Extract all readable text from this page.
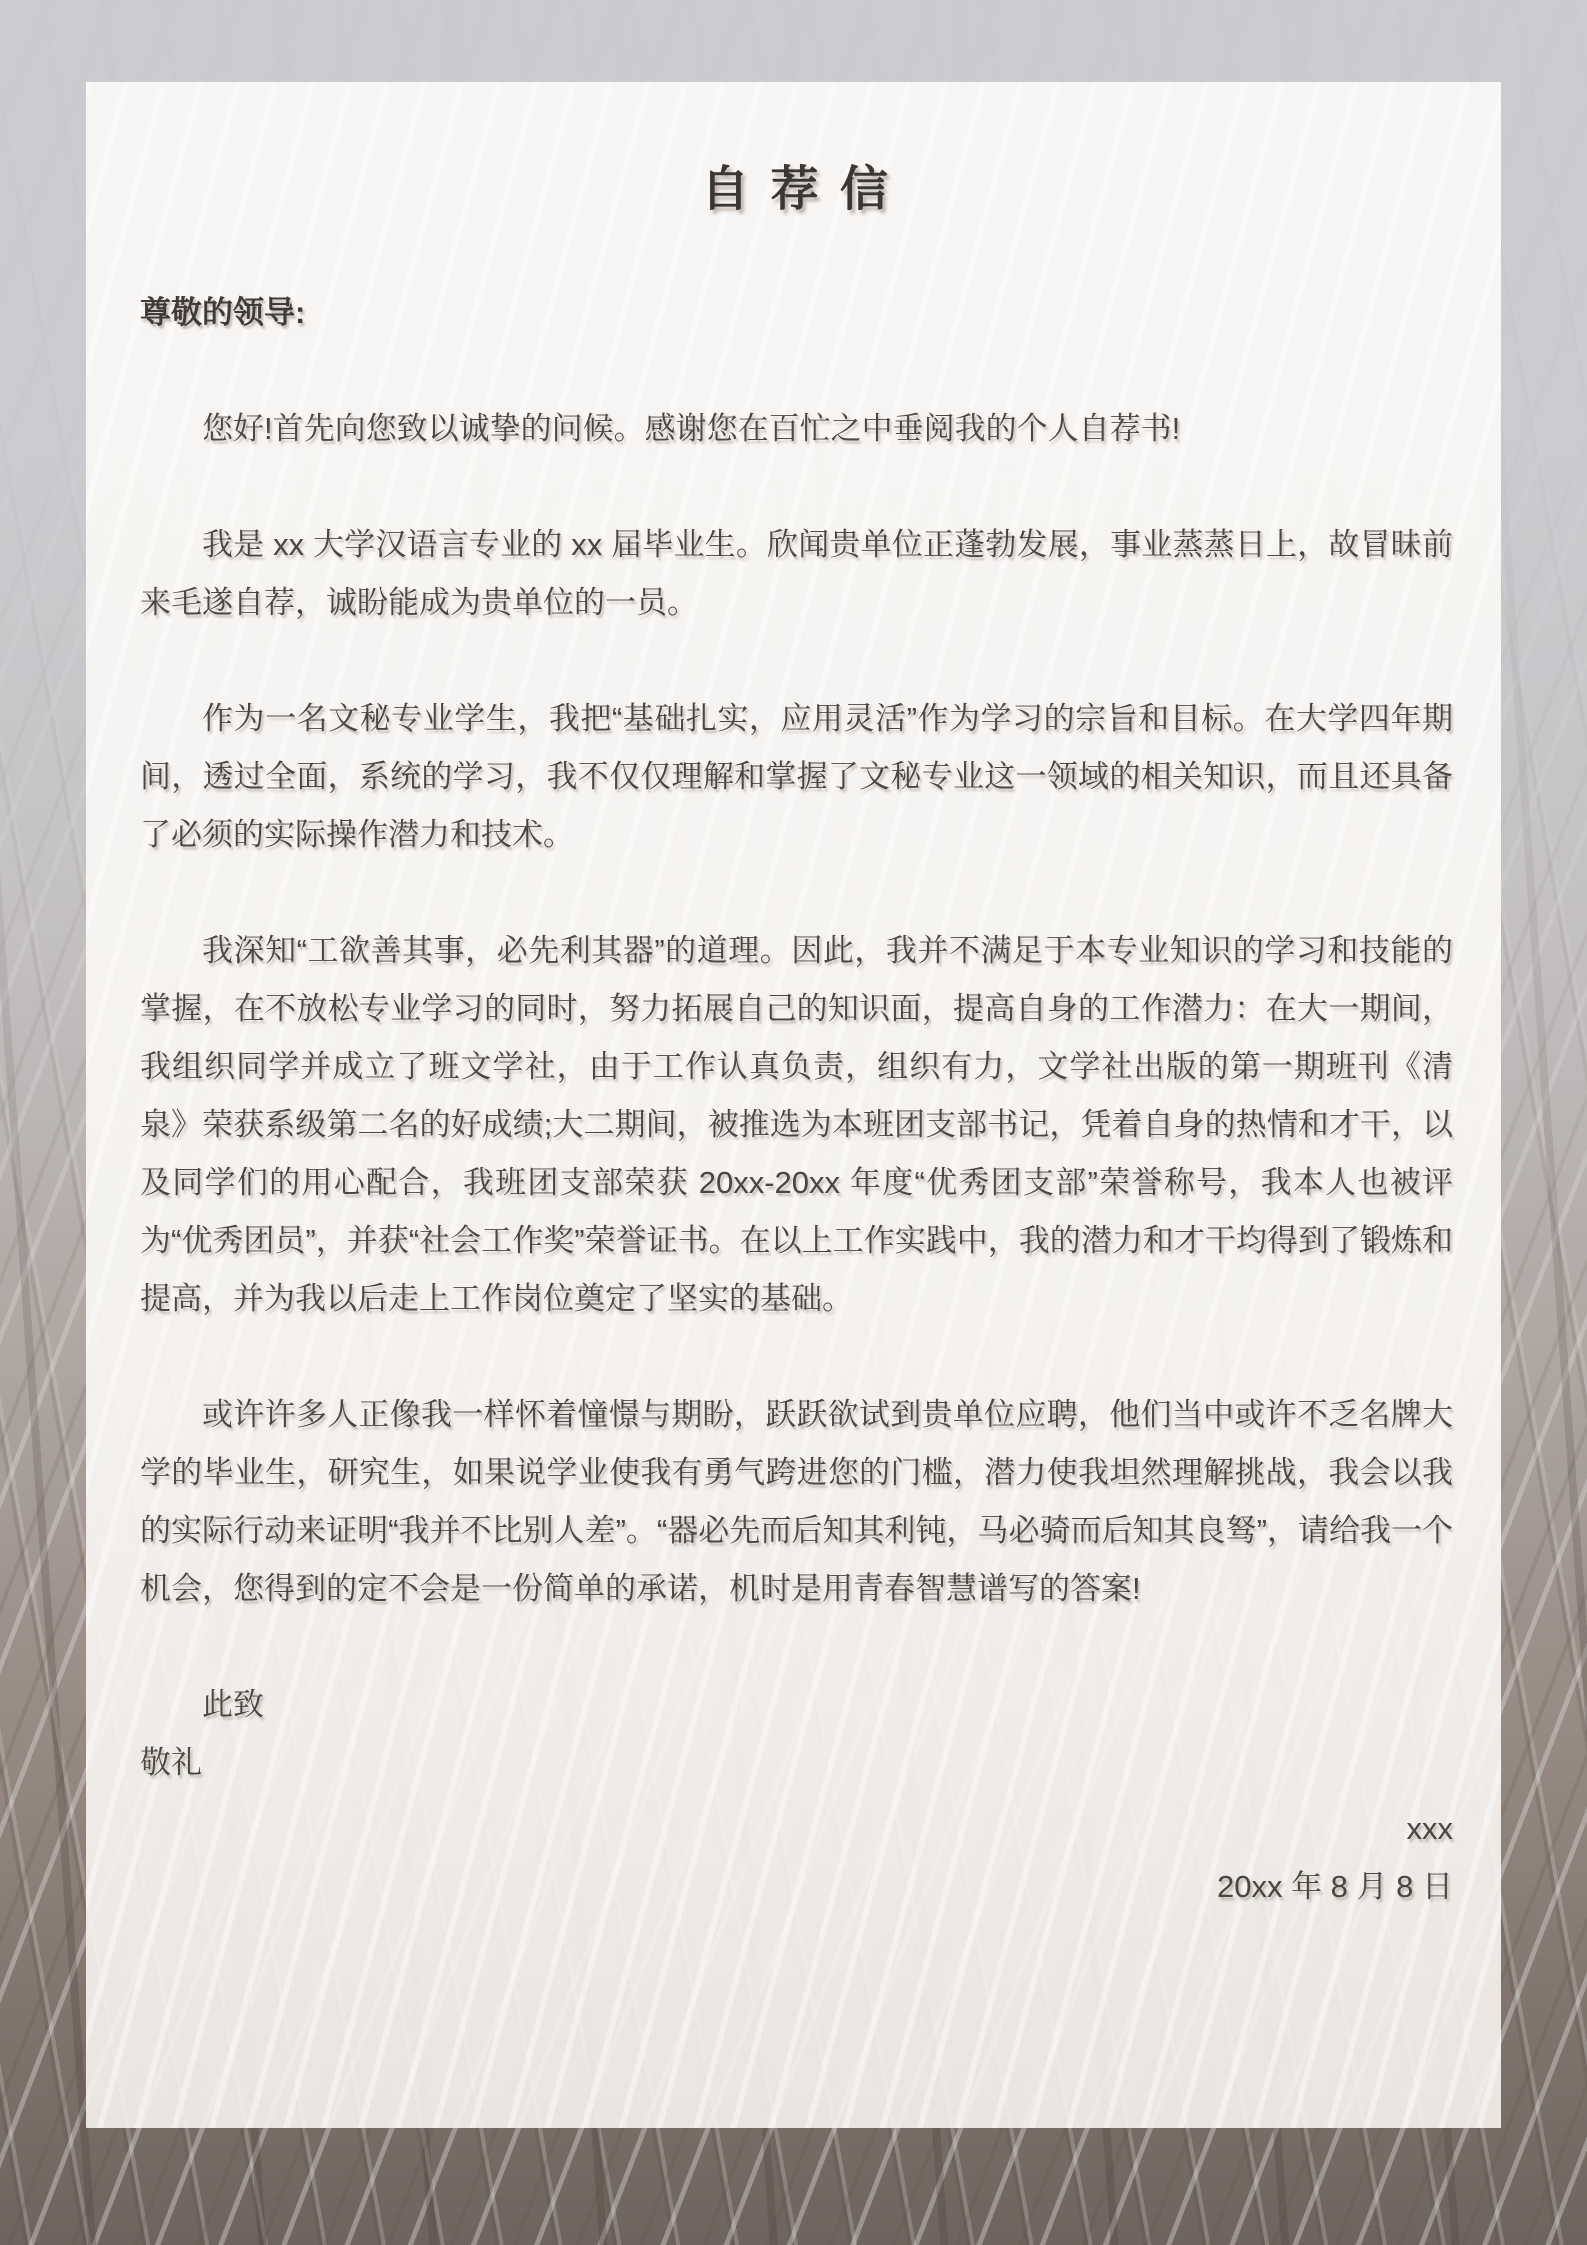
自 荐 信

尊敬的领导:

您好!首先向您致以诚挚的问候。感谢您在百忙之中垂阅我的个人自荐书!

我是 xx 大学汉语言专业的 xx 届毕业生。欣闻贵单位正蓬勃发展，事业蒸蒸日上，故冒昧前来毛遂自荐，诚盼能成为贵单位的一员。

作为一名文秘专业学生，我把“基础扎实，应用灵活”作为学习的宗旨和目标。在大学四年期间，透过全面，系统的学习，我不仅仅理解和掌握了文秘专业这一领域的相关知识，而且还具备了必须的实际操作潜力和技术。

我深知“工欲善其事，必先利其器”的道理。因此，我并不满足于本专业知识的学习和技能的掌握，在不放松专业学习的同时，努力拓展自己的知识面，提高自身的工作潜力：在大一期间，我组织同学并成立了班文学社，由于工作认真负责，组织有力，文学社出版的第一期班刊《清泉》荣获系级第二名的好成绩;大二期间，被推选为本班团支部书记，凭着自身的热情和才干，以及同学们的用心配合，我班团支部荣获 20xx-20xx 年度“优秀团支部”荣誉称号，我本人也被评为“优秀团员”，并获“社会工作奖”荣誉证书。在以上工作实践中，我的潜力和才干均得到了锻炼和提高，并为我以后走上工作岗位奠定了坚实的基础。

或许许多人正像我一样怀着憧憬与期盼，跃跃欲试到贵单位应聘，他们当中或许不乏名牌大学的毕业生，研究生，如果说学业使我有勇气跨进您的门槛，潜力使我坦然理解挑战，我会以我的实际行动来证明“我并不比别人差”。“器必先而后知其利钝，马必骑而后知其良驽”，请给我一个机会，您得到的定不会是一份简单的承诺，机时是用青春智慧谱写的答案!

此致

敬礼

xxx

20xx 年 8 月 8 日
